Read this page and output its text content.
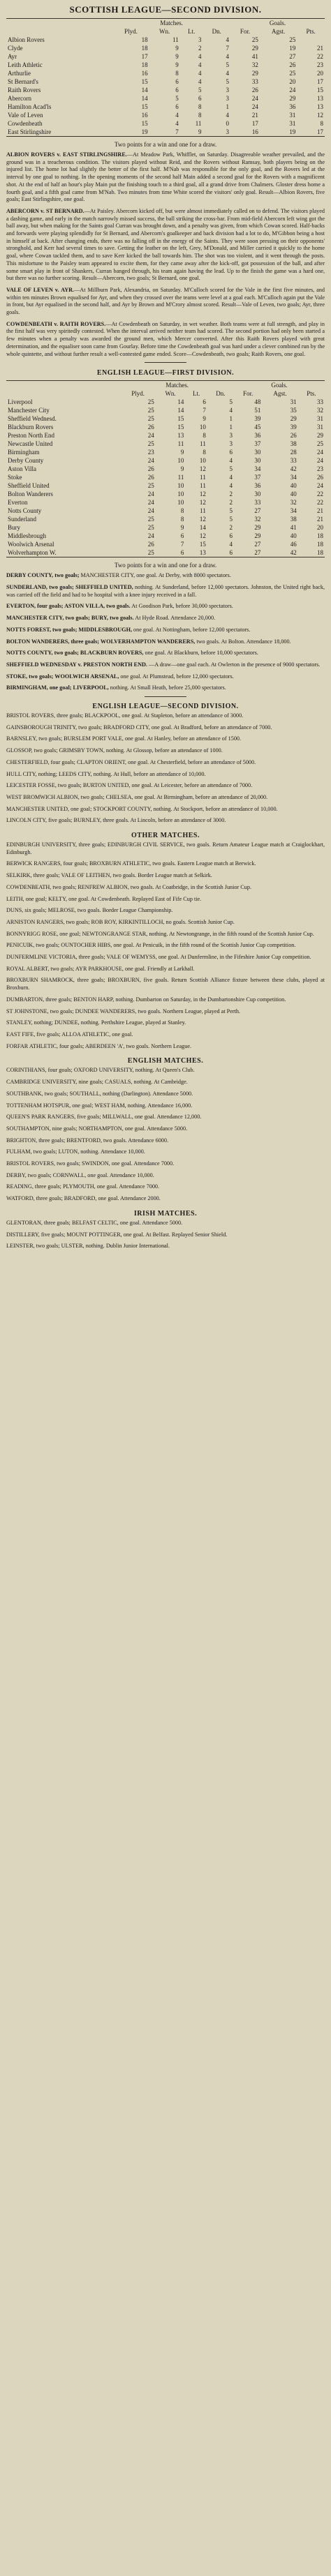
SCOTTISH LEAGUE—SECOND DIVISION.
	Matches.				Goals.		
	Plyd.	Wn.	Lt.	Dn.	For.	Agst.	Pts.
Albion Rovers	18	11	3	4	25	25	
Clyde	18	9	2	7	29	19	21
Ayr	17	9	4	4	41	27	22
Leith Athletic	18	9	4	5	32	26	23
Arthurlie	16	8	4	4	29	25	20
St Bernard's	15	6	4	5	33	20	17
Raith Rovers	14	6	5	3	26	24	15
Abercorn	14	5	6	3	24	29	13
Hamilton Acad'ls	15	6	8	1	24	36	13
Vale of Leven	16	4	8	4	21	31	12
Cowdenbeath	15	4	11	0	17	31	8
East Stirlingshire	19	7	9	3	16	19	17
Two points for a win and one for a draw.

ALBION ROVERS v. EAST STIRLINGSHIRE.—At Meadow Park, Whifflet, on Saturday. Disagreeable weather prevailed, and the ground was in a treacherous condition. The visitors played without Reid, and the Rovers without Ramsay, both players being on the injured list. The home lot had slightly the better of the first half. M'Nab was responsible for the only goal, and the Rovers led at the interval by one goal to nothing. In the opening moments of the second half Main added a second goal for the Rovers with a magnificent shot. At the end of half an hour's play Main put the finishing touch to a third goal, all a grand drive from Chalmers. Gloster dress home a fourth goal, and a fifth goal came from M'Nab. Two minutes from time White scored the visitors' only goal. Result—Albion Rovers, five goals; East Stirlingshire, one goal.

ABERCORN v. ST BERNARD.—At Paisley. Abercorn kicked off, but were almost immediately called on to defend. The visitors played a dashing game, and early in the match narrowly missed success, the ball striking the cross-bar. From mid-field Abercorn left wing got the ball away, but when making for the Saints goal Curran was brought down, and a penalty was given, from which Cowan scored. Half-backs and forwards were playing splendidly for St Bernard, and Abercorn's goalkeeper and back division had a lot to do, M'Gibbon being a host in himself at back. After changing ends, there was no falling off in the energy of the Saints. They were soon pressing on their opponents' stronghold, and Kerr had several times to save. Getting the leather on the left, Grey, M'Donald, and Miller carried it quickly to the home goal, where Cowan tackled them, and to save Kerr kicked the ball towards him. The shot was too violent, and it went through the posts. This misfortune to the Paisley team appeared to excite them, for they came away after the kick-off, got possession of the ball, and after some smart play in front of Shankers, Curran banged through, his team again having the lead. Up to the finish the game was a hard one, but there was no further scoring. Result—Abercorn, two goals; St Bernard, one goal.

VALE OF LEVEN v. AYR.—At Millburn Park, Alexandria, on Saturday. M'Culloch scored for the Vale in the first five minutes, and within ten minutes Brown equalised for Ayr, and when they crossed over the teams were level at a goal each. M'Culloch again put the Vale in front, but Ayr equalised in the second half, and Ayr by Brown and M'Crory almost scored. Result—Vale of Leven, two goals; Ayr, three goals.

COWDENBEATH v. RAITH ROVERS.—At Cowdenbeath on Saturday, in wet weather. Both teams were at full strength, and play in the first half was very spiritedly contested. When the interval arrived neither team had scored. The second portion had only been started a few minutes when a penalty was awarded the ground men, which Mercer converted. After this Raith Rovers played with great determination, and the equaliser soon came from Gourlay. Before time the Cowdenbeath goal was hard under a clever combined run by the whole quintette, and without further result a well-contested game ended. Score—Cowdenbeath, two goals; Raith Rovers, one goal.

ENGLISH LEAGUE—FIRST DIVISION.
	Matches.				Goals.		
	Plyd.	Wn.	Lt.	Dn.	For.	Agst.	Pts.
Liverpool	25	14	6	5	48	31	33
Manchester City	25	14	7	4	51	35	32
Sheffield Wednesd.	25	15	9	1	39	29	31
Blackburn Rovers	26	15	10	1	45	39	31
Preston North End	24	13	8	3	36	26	29
Newcastle United	25	11	11	3	37	38	25
Birmingham	23	9	8	6	30	28	24
Derby County	24	10	10	4	30	33	24
Aston Villa	26	9	12	5	34	42	23
Stoke	26	11	11	4	37	34	26
Sheffield United	25	10	11	4	36	40	24
Bolton Wanderers	24	10	12	2	30	40	22
Everton	24	10	12	2	33	32	22
Notts County	24	8	11	5	27	34	21
Sunderland	25	8	12	5	32	38	21
Bury	25	9	14	2	29	41	20
Middlesbrough	24	6	12	6	29	40	18
Woolwich Arsenal	26	7	15	4	27	46	18
Wolverhampton W.	25	6	13	6	27	42	18
Two points for a win and one for a draw.

DERBY COUNTY, two goals; MANCHESTER CITY, one goal. At Derby, with 8000 spectators.

SUNDERLAND, two goals; SHEFFIELD UNITED, nothing. At Sunderland, before 12,000 spectators. Johnston, the United right back, was carried off the field and had to be hospital with a knee injury received in a fall.

EVERTON, four goals; ASTON VILLA, two goals. At Goodison Park, before 30,000 spectators.

MANCHESTER CITY, two goals; BURY, two goals. At Hyde Road. Attendance 20,000.

NOTTS FOREST, two goals; MIDDLESBROUGH, one goal. At Nottingham, before 12,000 spectators.

BOLTON WANDERERS, three goals; WOLVERHAMPTON WANDERERS, two goals. At Bolton. Attendance 18,000.

NOTTS COUNTY, two goals; BLACKBURN ROVERS, one goal. At Blackburn, before 10,000 spectators.

SHEFFIELD WEDNESDAY v. PRESTON NORTH END. —A draw—one goal each. At Owlerton in the presence of 9000 spectators.

STOKE, two goals; WOOLWICH ARSENAL, one goal. At Plumstead, before 12,000 spectators.

BIRMINGHAM, one goal; LIVERPOOL, nothing. At Small Heath, before 25,000 spectators.

ENGLISH LEAGUE—SECOND DIVISION.

BRISTOL ROVERS, three goals; BLACKPOOL, one goal. At Stapleton, before an attendance of 3000.

GAINSBOROUGH TRINITY, two goals; BRADFORD CITY, one goal. At Bradford, before an attendance of 7000.

BARNSLEY, two goals; BURSLEM PORT VALE, one goal. At Hanley, before an attendance of 1500.

GLOSSOP, two goals; GRIMSBY TOWN, nothing. At Glossop, before an attendance of 1000.

CHESTERFIELD, four goals; CLAPTON ORIENT, one goal. At Chesterfield, before an attendance of 5000.

HULL CITY, nothing; LEEDS CITY, nothing. At Hull, before an attendance of 10,000.

LEICESTER FOSSE, two goals; BURTON UNITED, one goal. At Leicester, before an attendance of 7000.

WEST BROMWICH ALBION, two goals; CHELSEA, one goal. At Birmingham, before an attendance of 20,000.

MANCHESTER UNITED, one goal; STOCKPORT COUNTY, nothing. At Stockport, before an attendance of 10,000.

LINCOLN CITY, five goals; BURNLEY, three goals. At Lincoln, before an attendance of 3000.

OTHER MATCHES.

EDINBURGH UNIVERSITY, three goals; EDINBURGH CIVIL SERVICE, two goals. Return Amateur League match at Craiglockhart, Edinburgh.

BERWICK RANGERS, four goals; BROXBURN ATHLETIC, two goals. Eastern League match at Berwick.

SELKIRK, three goals; VALE OF LEITHEN, two goals. Border League match at Selkirk.

COWDENBEATH, two goals; RENFREW ALBION, two goals. At Coatbridge, in the Scottish Junior Cup.

LEITH, one goal; KELTY, one goal. At Cowdenbeath. Replayed East of Fife Cup tie.

DUNS, six goals; MELROSE, two goals. Border League Championship.

ARNISTON RANGERS, two goals; ROB ROY, KIRKINTILLOCH, no goals. Scottish Junior Cup.

BONNYRIGG ROSE, one goal; NEWTONGRANGE STAR, nothing. At Newtongrange, in the fifth round of the Scottish Junior Cup.

PENICUIK, two goals; OUNTOCHER HIBS, one goal. At Penicuik, in the fifth round of the Scottish Junior Cup competition.

DUNFERMLINE VICTORIA, three goals; VALE OF WEMYSS, one goal. At Dunfermline, in the Fifeshire Junior Cup competition.

ROYAL ALBERT, two goals; AYR PARKHOUSE, one goal. Friendly at Larkhall.

BROXBURN SHAMROCK, three goals; BROXBURN, five goals. Return Scottish Alliance fixture between these clubs, played at Broxburn.

DUMBARTON, three goals; BENTON HARP, nothing. Dumbarton on Saturday, in the Dumbartonshire Cup competition.

ST JOHNSTONE, two goals; DUNDEE WANDERERS, two goals. Northern League, played at Perth.

STANLEY, nothing; DUNDEE, nothing. Perthshire League, played at Stanley.

EAST FIFE, five goals; ALLOA ATHLETIC, one goal.

FORFAR ATHLETIC, four goals; ABERDEEN 'A', two goals. Northern League.

ENGLISH MATCHES.

CORINTHIANS, four goals; OXFORD UNIVERSITY, nothing. At Queen's Club.

CAMBRIDGE UNIVERSITY, nine goals; CASUALS, nothing. At Cambridge.

SOUTHBANK, two goals; SOUTHALL, nothing (Darlington). Attendance 5000.

TOTTENHAM HOTSPUR, one goal; WEST HAM, nothing. Attendance 16,000.

QUEEN'S PARK RANGERS, five goals; MILLWALL, one goal. Attendance 12,000.

SOUTHAMPTON, nine goals; NORTHAMPTON, one goal. Attendance 5000.

BRIGHTON, three goals; BRENTFORD, two goals. Attendance 6000.

FULHAM, two goals; LUTON, nothing. Attendance 10,000.

BRISTOL ROVERS, two goals; SWINDON, one goal. Attendance 7000.

DERBY, two goals; CORNWALL, one goal. Attendance 10,000.

READING, three goals; PLYMOUTH, one goal. Attendance 7000.

WATFORD, three goals; BRADFORD, one goal. Attendance 2000.

IRISH MATCHES.

GLENTORAN, three goals; BELFAST CELTIC, one goal. Attendance 5000.

DISTILLERY, five goals; MOUNT POTTINGER, one goal. At Belfast. Replayed Senior Shield.

LEINSTER, two goals; ULSTER, nothing. Dublin Junior International.
